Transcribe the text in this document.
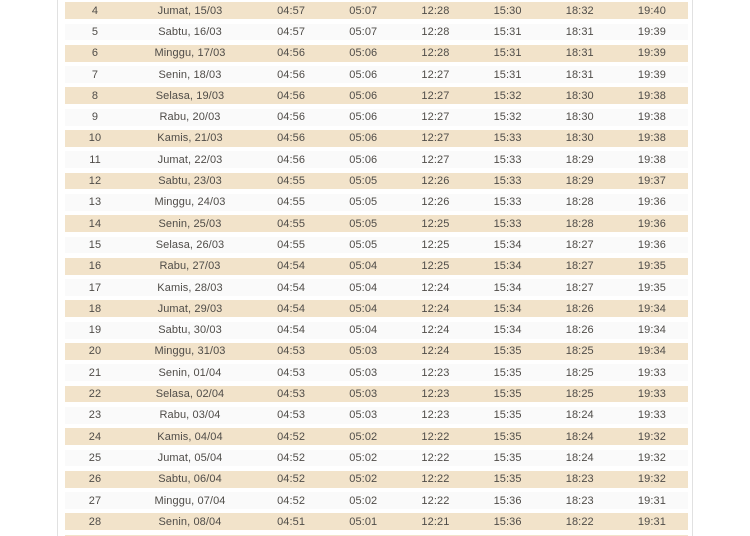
4	Jumat, 15/03	04:57	05:07	12:28	15:30	18:32	19:40
5	Sabtu, 16/03	04:57	05:07	12:28	15:31	18:31	19:39
6	Minggu, 17/03	04:56	05:06	12:28	15:31	18:31	19:39
7	Senin, 18/03	04:56	05:06	12:27	15:31	18:31	19:39
8	Selasa, 19/03	04:56	05:06	12:27	15:32	18:30	19:38
9	Rabu, 20/03	04:56	05:06	12:27	15:32	18:30	19:38
10	Kamis, 21/03	04:56	05:06	12:27	15:33	18:30	19:38
11	Jumat, 22/03	04:56	05:06	12:27	15:33	18:29	19:38
12	Sabtu, 23/03	04:55	05:05	12:26	15:33	18:29	19:37
13	Minggu, 24/03	04:55	05:05	12:26	15:33	18:28	19:36
14	Senin, 25/03	04:55	05:05	12:25	15:33	18:28	19:36
15	Selasa, 26/03	04:55	05:05	12:25	15:34	18:27	19:36
16	Rabu, 27/03	04:54	05:04	12:25	15:34	18:27	19:35
17	Kamis, 28/03	04:54	05:04	12:24	15:34	18:27	19:35
18	Jumat, 29/03	04:54	05:04	12:24	15:34	18:26	19:34
19	Sabtu, 30/03	04:54	05:04	12:24	15:34	18:26	19:34
20	Minggu, 31/03	04:53	05:03	12:24	15:35	18:25	19:34
21	Senin, 01/04	04:53	05:03	12:23	15:35	18:25	19:33
22	Selasa, 02/04	04:53	05:03	12:23	15:35	18:25	19:33
23	Rabu, 03/04	04:53	05:03	12:23	15:35	18:24	19:33
24	Kamis, 04/04	04:52	05:02	12:22	15:35	18:24	19:32
25	Jumat, 05/04	04:52	05:02	12:22	15:35	18:24	19:32
26	Sabtu, 06/04	04:52	05:02	12:22	15:35	18:23	19:32
27	Minggu, 07/04	04:52	05:02	12:22	15:36	18:23	19:31
28	Senin, 08/04	04:51	05:01	12:21	15:36	18:22	19:31
